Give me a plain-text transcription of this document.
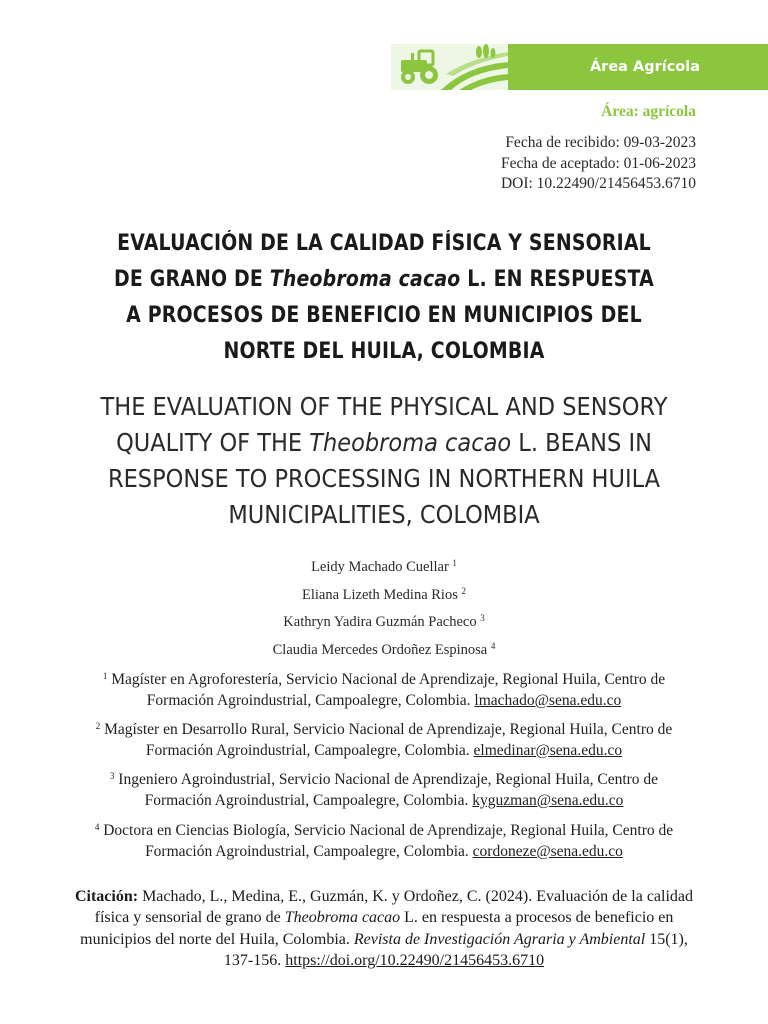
Área Agrícola
Área: agrícola
Fecha de recibido: 09-03-2023
Fecha de aceptado: 01-06-2023
DOI: 10.22490/21456453.6710
EVALUACIÓN DE LA CALIDAD FÍSICA Y SENSORIAL DE GRANO DE Theobroma cacao L. EN RESPUESTA A PROCESOS DE BENEFICIO EN MUNICIPIOS DEL NORTE DEL HUILA, COLOMBIA
THE EVALUATION OF THE PHYSICAL AND SENSORY QUALITY OF THE Theobroma cacao L. BEANS IN RESPONSE TO PROCESSING IN NORTHERN HUILA MUNICIPALITIES, COLOMBIA
Leidy Machado Cuellar $^1$
Eliana Lizeth Medina Rios $^2$
Kathryn Yadira Guzmán Pacheco $^3$
Claudia Mercedes Ordoñez Espinosa $^4$
$^1$ Magíster en Agroforestería, Servicio Nacional de Aprendizaje, Regional Huila, Centro de Formación Agroindustrial, Campoalegre, Colombia. lmachado@sena.edu.co
$^2$ Magíster en Desarrollo Rural, Servicio Nacional de Aprendizaje, Regional Huila, Centro de Formación Agroindustrial, Campoalegre, Colombia. elmedinar@sena.edu.co
$^3$ Ingeniero Agroindustrial, Servicio Nacional de Aprendizaje, Regional Huila, Centro de Formación Agroindustrial, Campoalegre, Colombia. kyguzman@sena.edu.co
$^4$ Doctora en Ciencias Biología, Servicio Nacional de Aprendizaje, Regional Huila, Centro de Formación Agroindustrial, Campoalegre, Colombia. cordoneze@sena.edu.co
Citación: Machado, L., Medina, E., Guzmán, K. y Ordoñez, C. (2024). Evaluación de la calidad física y sensorial de grano de Theobroma cacao L. en respuesta a procesos de beneficio en municipios del norte del Huila, Colombia. Revista de Investigación Agraria y Ambiental 15(1), 137-156. https://doi.org/10.22490/21456453.6710
